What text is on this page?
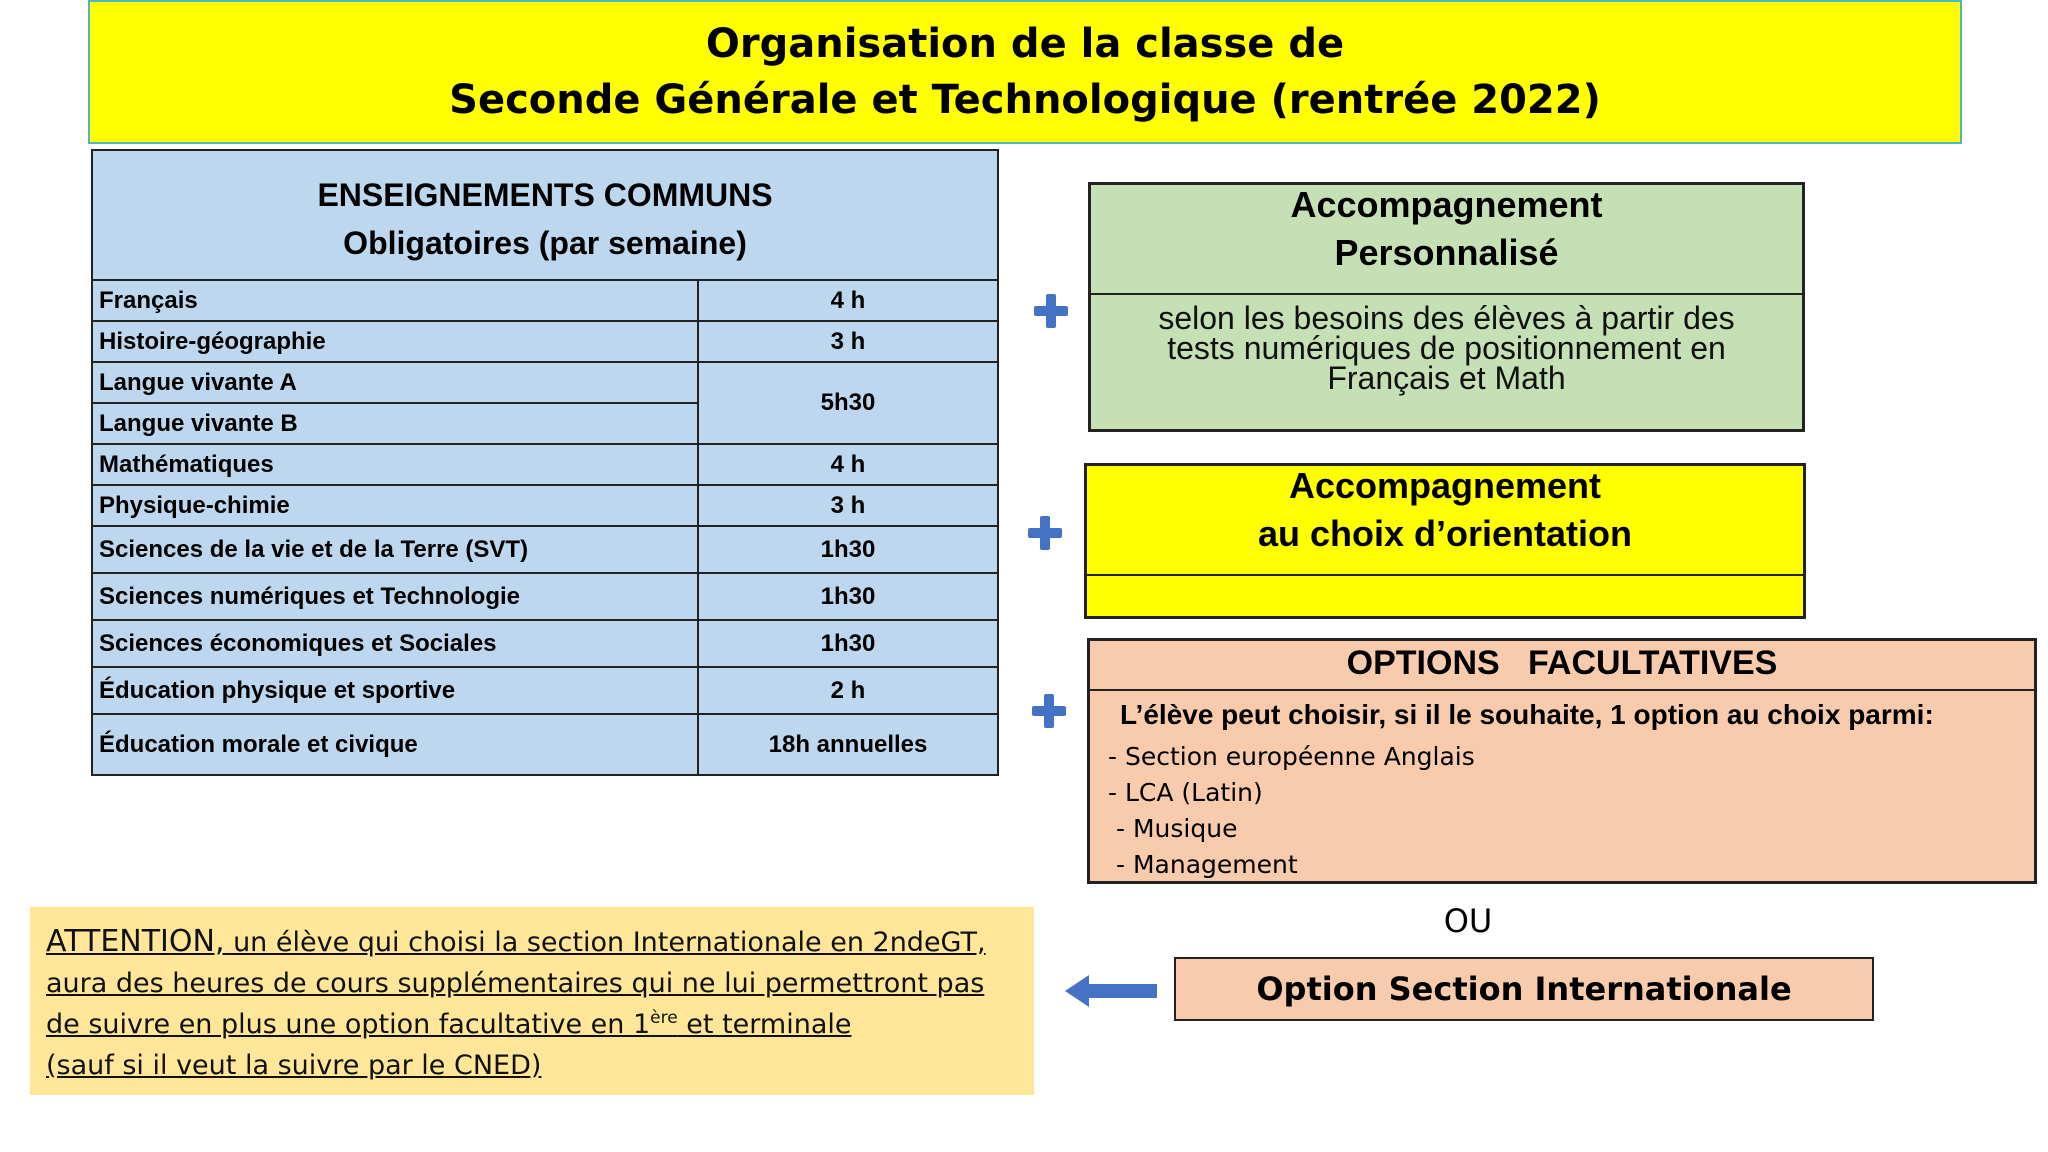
Organisation de la classe de
Seconde Générale et Technologique (rentrée 2022)
ENSEIGNEMENTS COMMUNS
Obligatoires (par semaine)	

Français	4 h
Histoire-géographie	3 h
Langue vivante A	5h30
Langue vivante B	
Mathématiques	4 h
Physique-chimie	3 h
Sciences de la vie et de la Terre (SVT)	1h30
Sciences numériques et Technologie	1h30
Sciences économiques et Sociales	1h30
Éducation physique et sportive	2 h
Éducation morale et civique	18h annuelles
Accompagnement
Personnalisé
selon les besoins des élèves à partir des
tests numériques de positionnement en
Français et Math
Accompagnement
au choix d’orientation
OPTIONS   FACULTATIVES
L’élève peut choisir, si il le souhaite, 1 option au choix parmi:
- Section européenne Anglais
- LCA (Latin)
- Musique
- Management
OU
ATTENTION, un élève qui choisi la section Internationale en 2ndeGT,
aura des heures de cours supplémentaires qui ne lui permettront pas
de suivre en plus une option facultative en 1ère et terminale
(sauf si il veut la suivre par le CNED)
Option Section Internationale
